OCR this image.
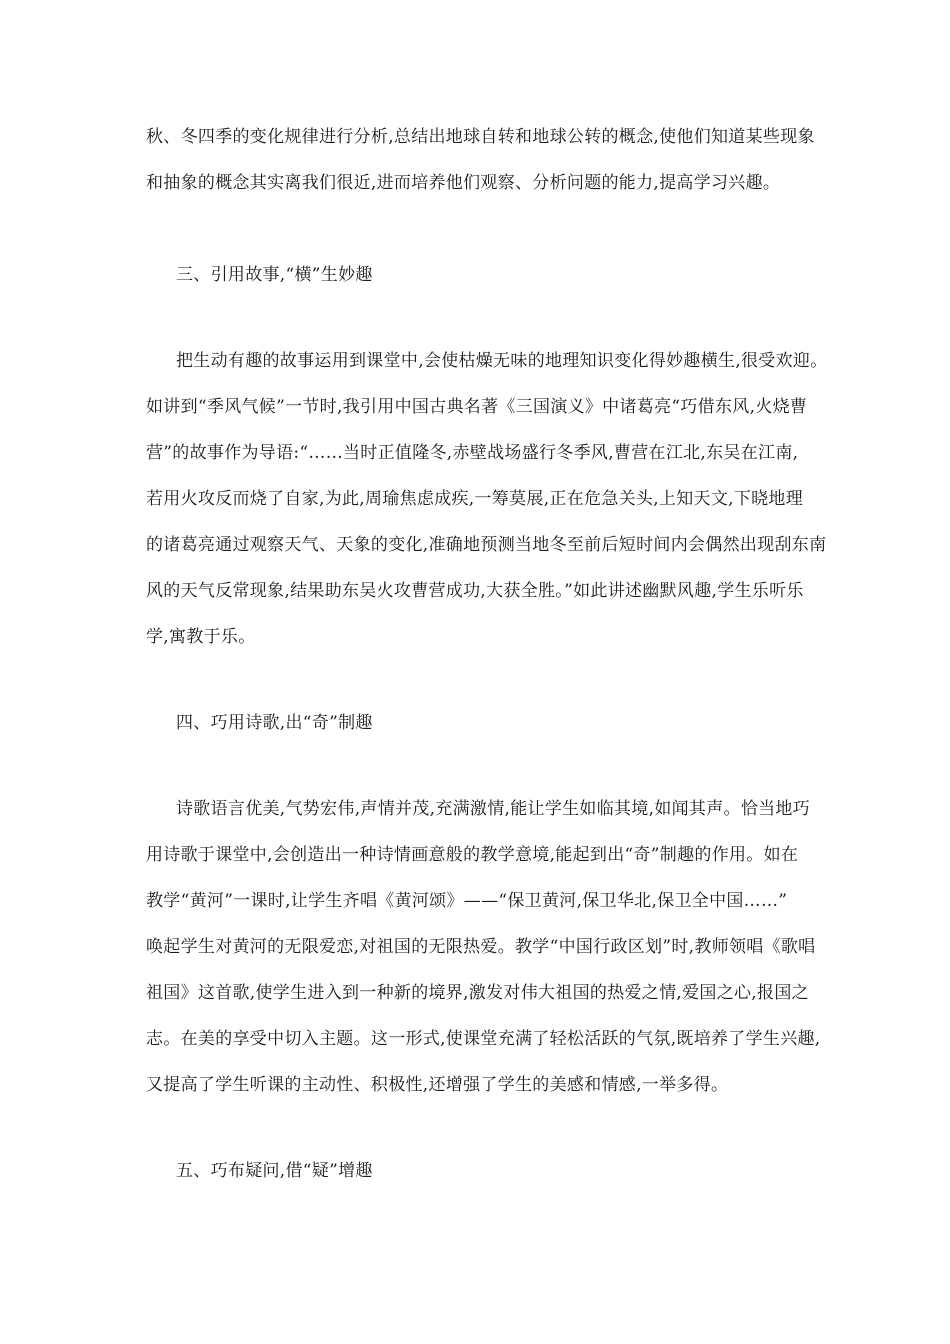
秋、冬四季的变化规律进行分析,总结出地球自转和地球公转的概念,使他们知道某些现象
和抽象的概念其实离我们很近,进而培养他们观察、分析问题的能力,提高学习兴趣。
三、引用故事,“横”生妙趣
把生动有趣的故事运用到课堂中,会使枯燥无味的地理知识变化得妙趣横生,很受欢迎。
如讲到“季风气候”一节时,我引用中国古典名著《三国演义》中诸葛亮“巧借东风,火烧曹
营”的故事作为导语:“……当时正值隆冬,赤壁战场盛行冬季风,曹营在江北,东吴在江南,
若用火攻反而烧了自家,为此,周瑜焦虑成疾,一筹莫展,正在危急关头,上知天文,下晓地理
的诸葛亮通过观察天气、天象的变化,准确地预测当地冬至前后短时间内会偶然出现刮东南
风的天气反常现象,结果助东吴火攻曹营成功,大获全胜。”如此讲述幽默风趣,学生乐听乐
学,寓教于乐。
四、巧用诗歌,出“奇”制趣
诗歌语言优美,气势宏伟,声情并茂,充满激情,能让学生如临其境,如闻其声。恰当地巧
用诗歌于课堂中,会创造出一种诗情画意般的教学意境,能起到出“奇”制趣的作用。如在
教学“黄河”一课时,让学生齐唱《黄河颂》——“保卫黄河,保卫华北,保卫全中国……”
唤起学生对黄河的无限爱恋,对祖国的无限热爱。教学“中国行政区划”时,教师领唱《歌唱
祖国》这首歌,使学生进入到一种新的境界,激发对伟大祖国的热爱之情,爱国之心,报国之
志。在美的享受中切入主题。这一形式,使课堂充满了轻松活跃的气氛,既培养了学生兴趣,
又提高了学生听课的主动性、积极性,还增强了学生的美感和情感,一举多得。
五、巧布疑问,借“疑”增趣
